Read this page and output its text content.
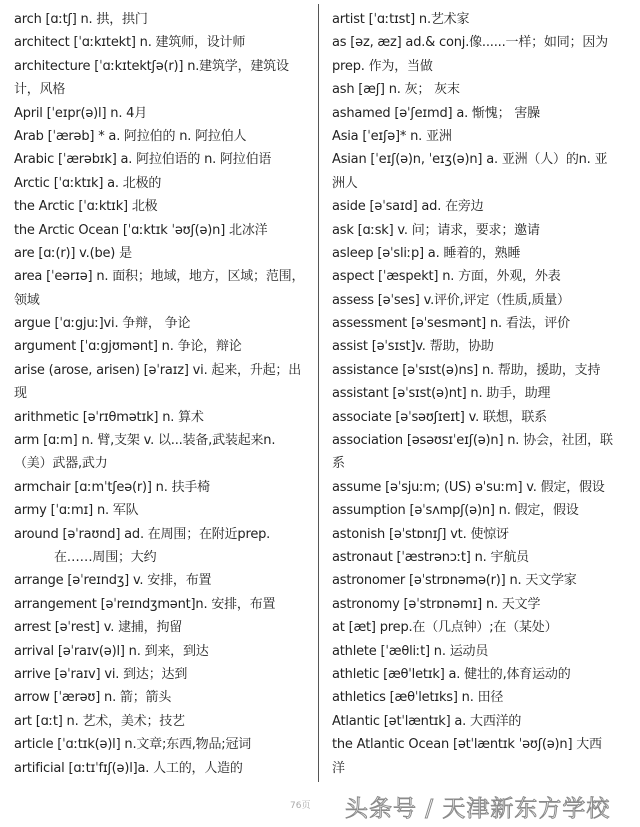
arch [ɑːtʃ] n. 拱，拱门
architect [ˈɑːkɪtekt] n. 建筑师，设计师
architecture [ˈɑːkɪtektʃə(r)] n.建筑学，建筑设
计，风格
April [ˈeɪpr(ə)l] n. 4月
Arab [ˈærəb] * a. 阿拉伯的 n. 阿拉伯人
Arabic [ˈærəbɪk] a. 阿拉伯语的 n. 阿拉伯语
Arctic [ˈɑːktɪk] a. 北极的
the Arctic [ˈɑːktɪk] 北极
the Arctic Ocean [ˈɑːktɪk ˈəʊʃ(ə)n] 北冰洋
are [ɑː(r)] v.(be) 是
area [ˈeərɪə] n. 面积；地域，地方，区域；范围，
领域
argue [ˈɑːgjuː]vi. 争辩， 争论
argument [ˈɑːgjʊmənt] n. 争论，辩论
arise (arose, arisen) [əˈraɪz] vi. 起来，升起；出
现
arithmetic [əˈrɪθmətɪk] n. 算术
arm [ɑːm] n. 臂,支架 v. 以...装备,武装起来n.
（美）武器,武力
armchair [ɑːmˈtʃeə(r)] n. 扶手椅
army [ˈɑːmɪ] n. 军队
around [əˈraʊnd] ad. 在周围；在附近prep.
在……周围；大约
arrange [əˈreɪndʒ] v. 安排，布置
arrangement [əˈreɪndʒmənt]n. 安排，布置
arrest [əˈrest] v. 逮捕，拘留
arrival [əˈraɪv(ə)l] n. 到来，到达
arrive [əˈraɪv] vi. 到达；达到
arrow [ˈærəʊ] n. 箭；箭头
art [ɑːt] n. 艺术，美术；技艺
article [ˈɑːtɪk(ə)l] n.文章;东西,物品;冠词
artificial [ɑːtɪˈfɪʃ(ə)l]a. 人工的，人造的
artist [ˈɑːtɪst] n.艺术家
as [əz, æz] ad.& conj.像......一样；如同；因为
prep. 作为，当做
ash [æʃ] n. 灰； 灰末
ashamed [əˈʃeɪmd] a. 惭愧； 害臊
Asia [ˈeɪʃə]* n. 亚洲
Asian [ˈeɪʃ(ə)n, ˈeɪʒ(ə)n] a. 亚洲（人）的n. 亚
洲人
aside [əˈsaɪd] ad. 在旁边
ask [ɑːsk] v. 问；请求，要求；邀请
asleep [əˈsliːp] a. 睡着的，熟睡
aspect [ˈæspekt] n. 方面，外观，外表
assess [əˈses] v.评价,评定（性质,质量）
assessment [əˈsesmənt] n. 看法，评价
assist [əˈsɪst]v. 帮助，协助
assistance [əˈsɪst(ə)ns] n. 帮助，援助，支持
assistant [əˈsɪst(ə)nt] n. 助手，助理
associate [əˈsəʊʃɪeɪt] v. 联想，联系
association [əsəʊsɪˈeɪʃ(ə)n] n. 协会，社团，联
系
assume [əˈsjuːm; (US) əˈsuːm] v. 假定，假设
assumption [əˈsʌmpʃ(ə)n] n. 假定，假设
astonish [əˈstɒnɪʃ] vt. 使惊讶
astronaut [ˈæstrənɔːt] n. 宇航员
astronomer [əˈstrɒnəmə(r)] n. 天文学家
astronomy [əˈstrɒnəmɪ] n. 天文学
at [æt] prep.在（几点钟）;在（某处）
athlete [ˈæθliːt] n. 运动员
athletic [æθˈletɪk] a. 健壮的,体育运动的
athletics [æθˈletɪks] n. 田径
Atlantic [ətˈlæntɪk] a. 大西洋的
the Atlantic Ocean [ətˈlæntɪk ˈəʊʃ(ə)n] 大西
洋
76页 头条号 / 天津新东方学校
